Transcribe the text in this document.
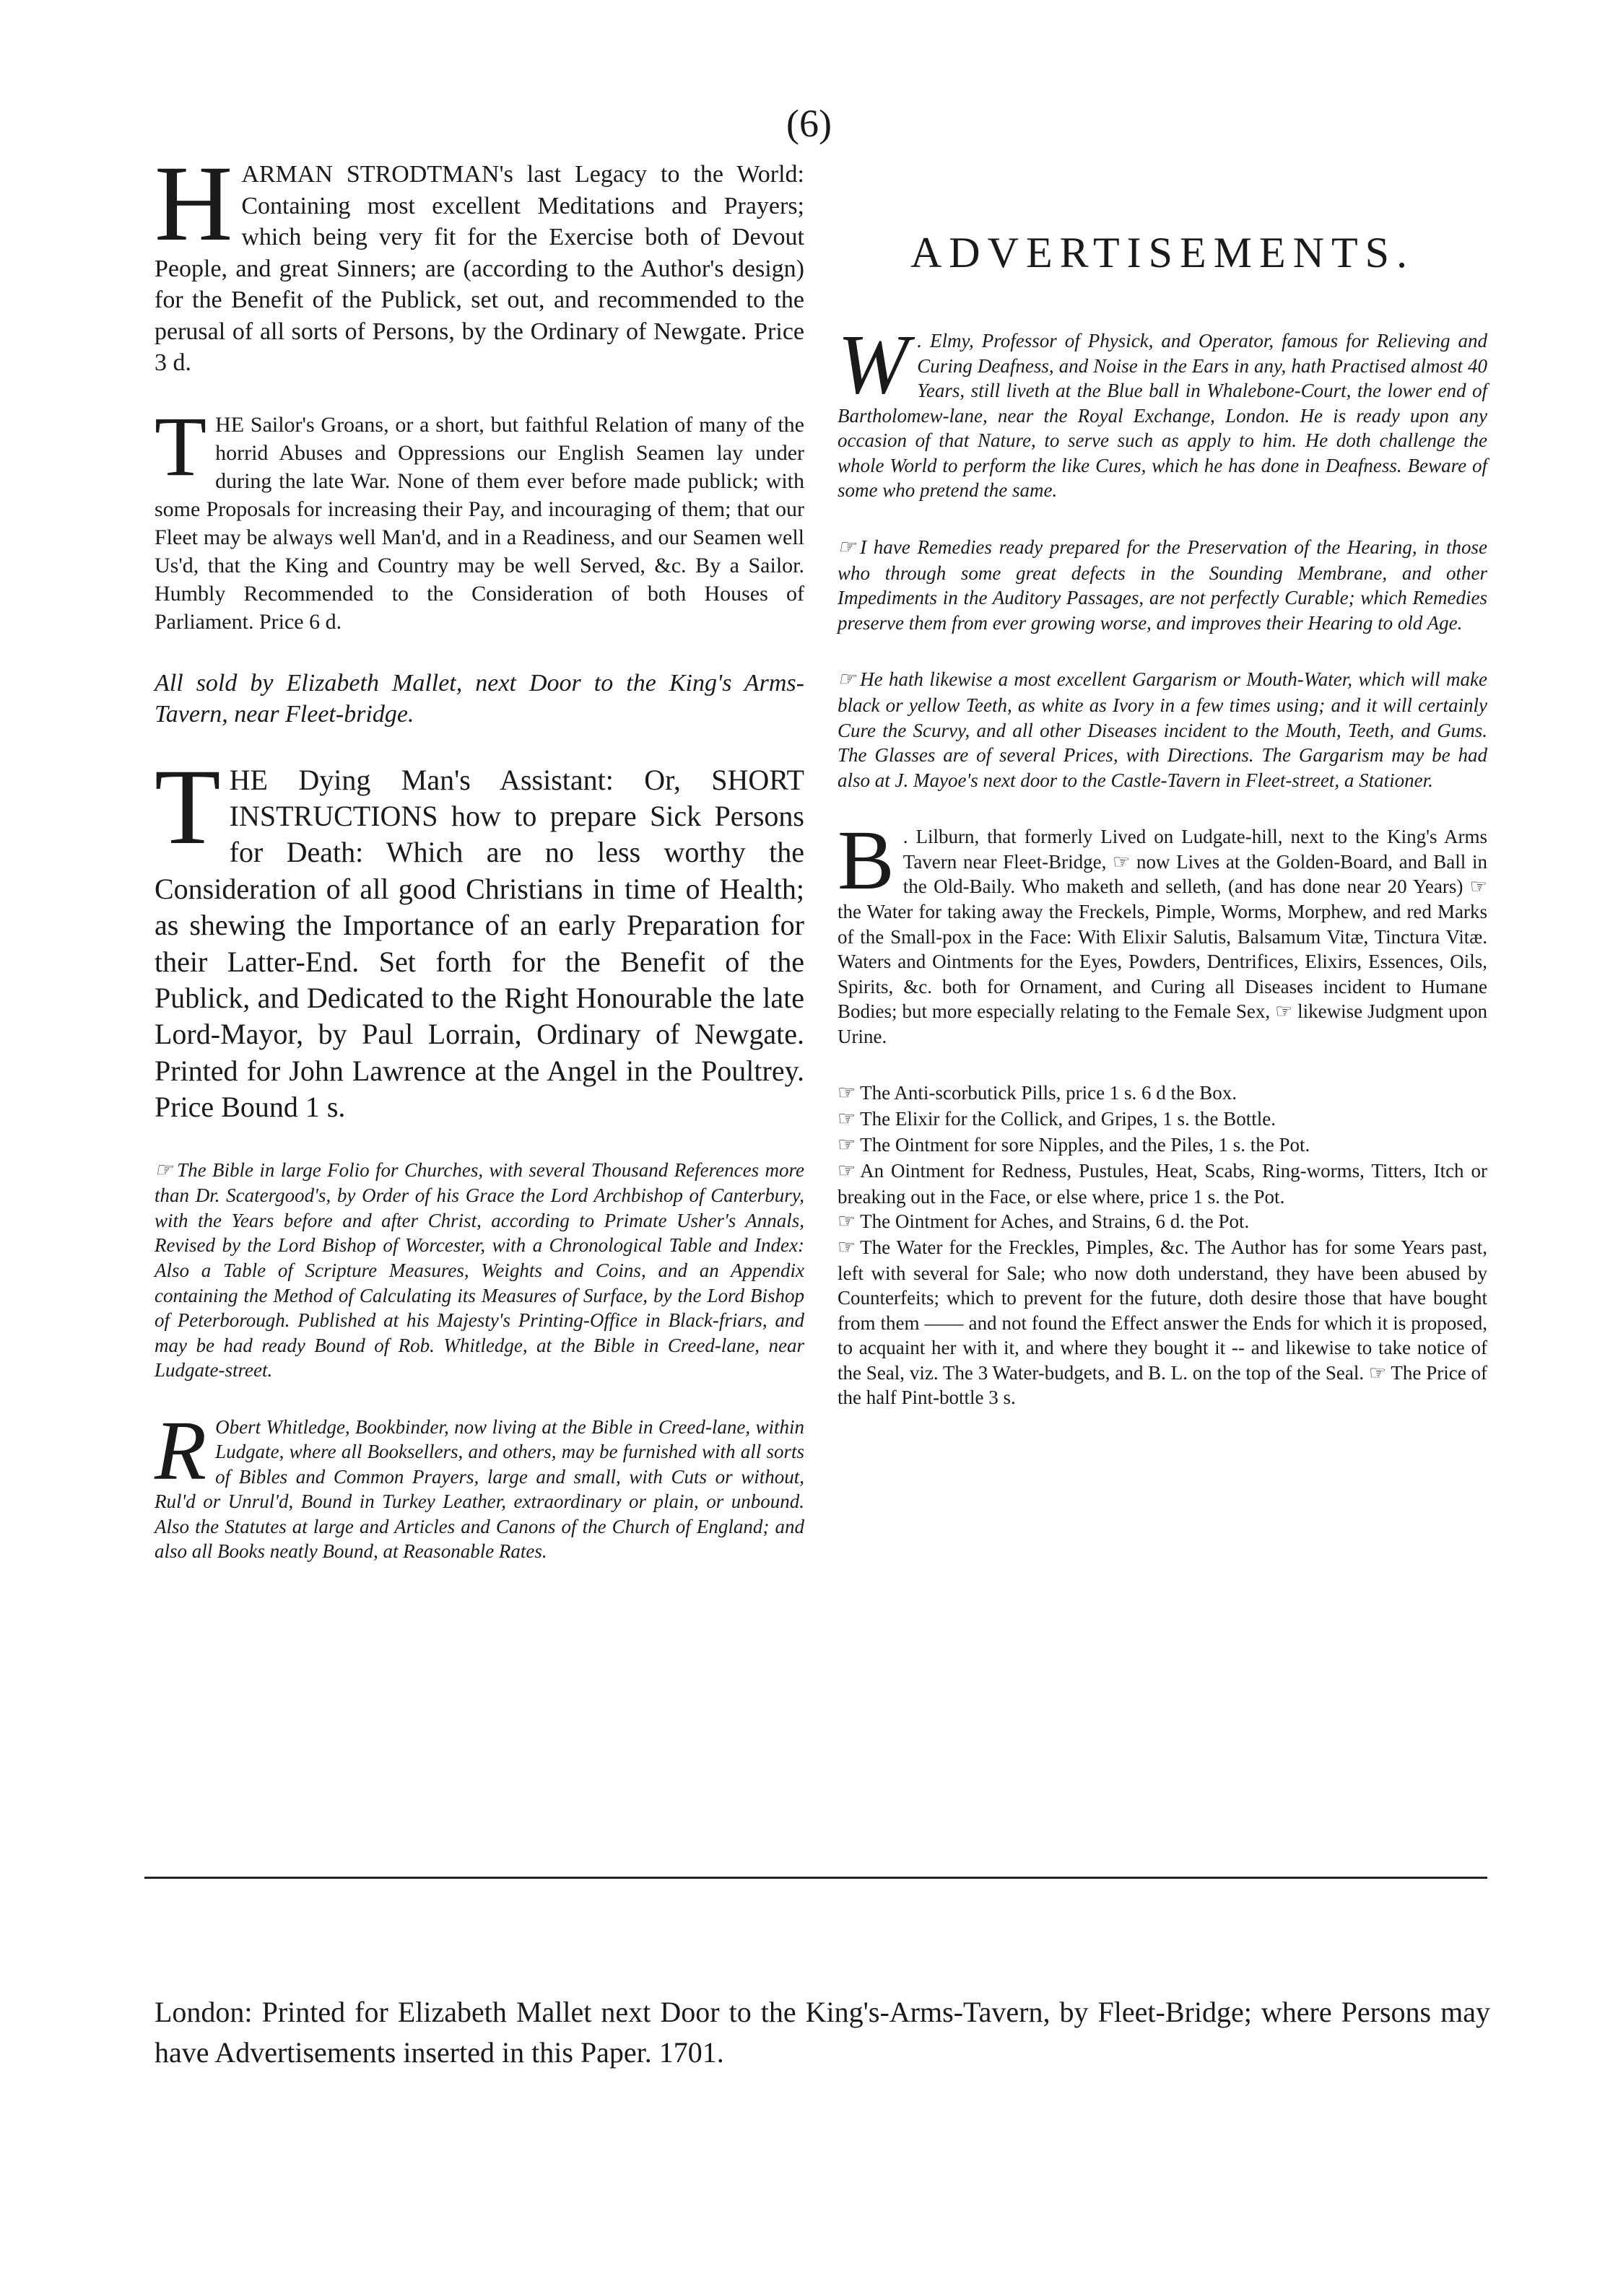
(6)
H ARMAN STRODTMAN's last Legacy to the World: Containing most excellent Meditations and Prayers; which being very fit for the Exercise both of Devout People, and great Sinners; are (according to the Author's design) for the Benefit of the Publick, set out, and recommended to the perusal of all sorts of Persons, by the Ordinary of Newgate. Price 3 d.

T HE Sailor's Groans, or a short, but faithful Relation of many of the horrid Abuses and Oppressions our English Seamen lay under during the late War. None of them ever before made publick; with some Proposals for increasing their Pay, and incouraging of them; that our Fleet may be always well Man'd, and in a Readiness, and our Seamen well Us'd, that the King and Country may be well Served, &c. By a Sailor. Humbly Recommended to the Consideration of both Houses of Parliament. Price 6 d.

All sold by Elizabeth Mallet, next Door to the King's Arms-Tavern, near Fleet-bridge.

T HE Dying Man's Assistant: Or, SHORT INSTRUCTIONS how to prepare Sick Persons for Death: Which are no less worthy the Consideration of all good Christians in time of Health; as shewing the Importance of an early Preparation for their Latter-End. Set forth for the Benefit of the Publick, and Dedicated to the Right Honourable the late Lord-Mayor, by Paul Lorrain, Ordinary of Newgate. Printed for John Lawrence at the Angel in the Poultrey. Price Bound 1 s.

☞ The Bible in large Folio for Churches, with several Thousand References more than Dr. Scatergood's, by Order of his Grace the Lord Archbishop of Canterbury, with the Years before and after Christ, according to Primate Usher's Annals, Revised by the Lord Bishop of Worcester, with a Chronological Table and Index: Also a Table of Scripture Measures, Weights and Coins, and an Appendix containing the Method of Calculating its Measures of Surface, by the Lord Bishop of Peterborough. Published at his Majesty's Printing-Office in Black-friars, and may be had ready Bound of Rob. Whitledge, at the Bible in Creed-lane, near Ludgate-street.

R Obert Whitledge, Bookbinder, now living at the Bible in Creed-lane, within Ludgate, where all Booksellers, and others, may be furnished with all sorts of Bibles and Common Prayers, large and small, with Cuts or without, Rul'd or Unrul'd, Bound in Turkey Leather, extraordinary or plain, or unbound. Also the Statutes at large and Articles and Canons of the Church of England; and also all Books neatly Bound, at Reasonable Rates.

ADVERTISEMENTS.
W . Elmy, Professor of Physick, and Operator, famous for Relieving and Curing Deafness, and Noise in the Ears in any, hath Practised almost 40 Years, still liveth at the Blue ball in Whalebone-Court, the lower end of Bartholomew-lane, near the Royal Exchange, London. He is ready upon any occasion of that Nature, to serve such as apply to him. He doth challenge the whole World to perform the like Cures, which he has done in Deafness. Beware of some who pretend the same.

☞ I have Remedies ready prepared for the Preservation of the Hearing, in those who through some great defects in the Sounding Membrane, and other Impediments in the Auditory Passages, are not perfectly Curable; which Remedies preserve them from ever growing worse, and improves their Hearing to old Age.

☞ He hath likewise a most excellent Gargarism or Mouth-Water, which will make black or yellow Teeth, as white as Ivory in a few times using; and it will certainly Cure the Scurvy, and all other Diseases incident to the Mouth, Teeth, and Gums. The Glasses are of several Prices, with Directions. The Gargarism may be had also at J. Mayoe's next door to the Castle-Tavern in Fleet-street, a Stationer.

B . Lilburn, that formerly Lived on Ludgate-hill, next to the King's Arms Tavern near Fleet-Bridge, ☞ now Lives at the Golden-Board, and Ball in the Old-Baily. Who maketh and selleth, (and has done near 20 Years) ☞ the Water for taking away the Freckels, Pimple, Worms, Morphew, and red Marks of the Small-pox in the Face: With Elixir Salutis, Balsamum Vitæ, Tinctura Vitæ. Waters and Ointments for the Eyes, Powders, Dentrifices, Elixirs, Essences, Oils, Spirits, &c. both for Ornament, and Curing all Diseases incident to Humane Bodies; but more especially relating to the Female Sex, ☞ likewise Judgment upon Urine.

☞ The Anti-scorbutick Pills, price 1 s. 6 d the Box.

☞ The Elixir for the Collick, and Gripes, 1 s. the Bottle.

☞ The Ointment for sore Nipples, and the Piles, 1 s. the Pot.

☞ An Ointment for Redness, Pustules, Heat, Scabs, Ring-worms, Titters, Itch or breaking out in the Face, or else where, price 1 s. the Pot.

☞ The Ointment for Aches, and Strains, 6 d. the Pot.

☞ The Water for the Freckles, Pimples, &c. The Author has for some Years past, left with several for Sale; who now doth understand, they have been abused by Counterfeits; which to prevent for the future, doth desire those that have bought from them —— and not found the Effect answer the Ends for which it is proposed, to acquaint her with it, and where they bought it -- and likewise to take notice of the Seal, viz. The 3 Water-budgets, and B. L. on the top of the Seal. ☞ The Price of the half Pint-bottle 3 s.

London: Printed for Elizabeth Mallet next Door to the King's-Arms-Tavern, by Fleet-Bridge; where Persons may have Advertisements inserted in this Paper. 1701.
